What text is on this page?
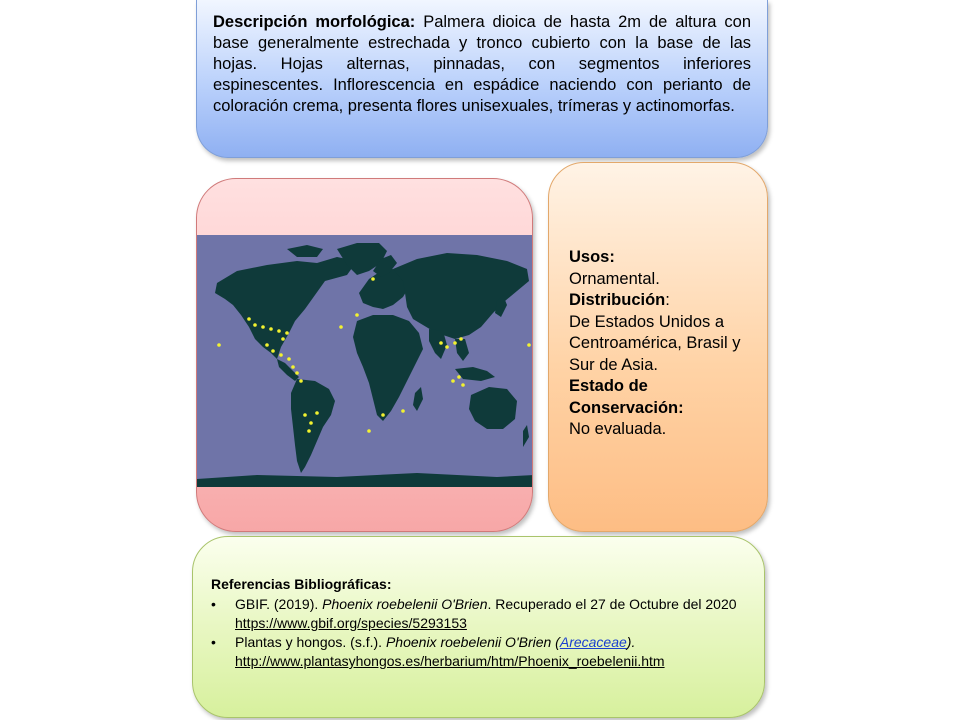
Descripción morfológica: Palmera dioica de hasta 2m de altura con base generalmente estrechada y tronco cubierto con la base de las hojas. Hojas alternas, pinnadas, con segmentos inferiores espinescentes. Inflorescencia en espádice naciendo con perianto de coloración crema, presenta flores unisexuales, trímeras y actinomorfas.

Usos:

Ornamental.

Distribución:

De Estados Unidos a Centroamérica, Brasil y Sur de Asia.

Estado de Conservación:

No evaluada.

Referencias Bibliográficas:

• GBIF. (2019). Phoenix roebelenii O'Brien. Recuperado el 27 de Octubre del 2020 https://www.gbif.org/species/5293153
• Plantas y hongos. (s.f.). Phoenix roebelenii O'Brien (Arecaceae).
http://www.plantasyhongos.es/herbarium/htm/Phoenix_roebelenii.htm
